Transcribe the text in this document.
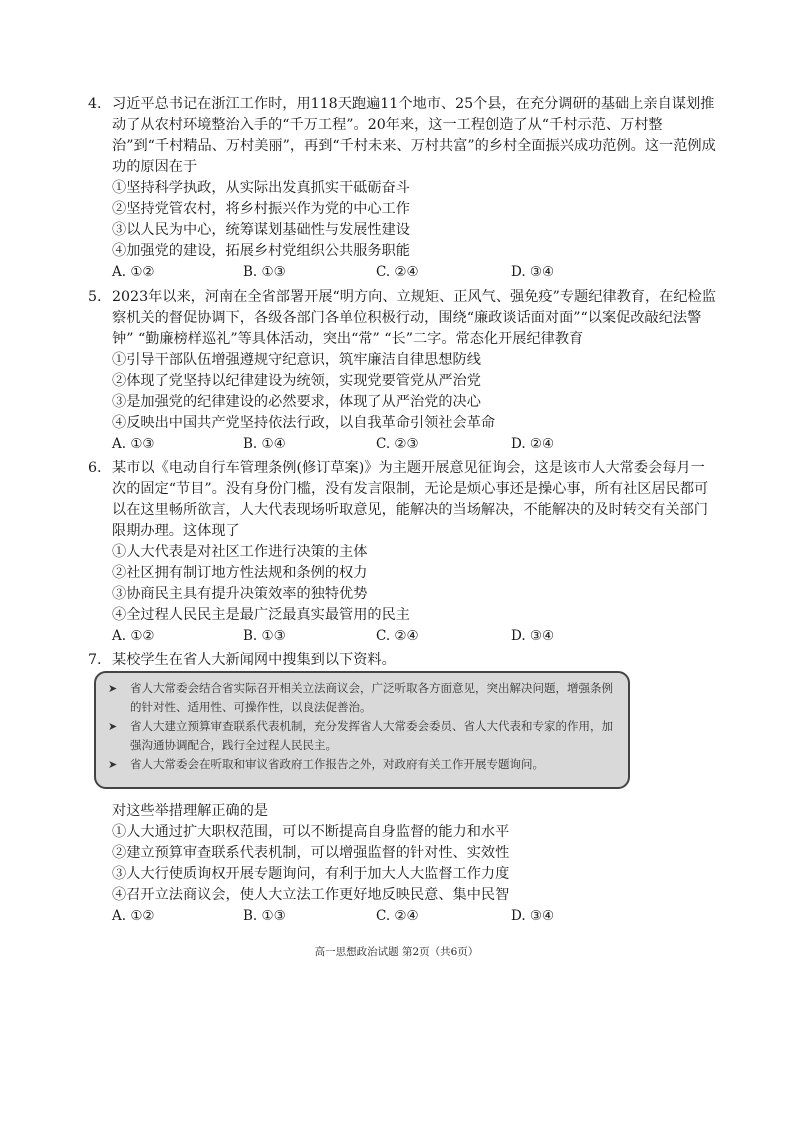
4. 习近平总书记在浙江工作时，用118天跑遍11个地市、25个县，在充分调研的基础上亲自谋划推动了从农村环境整治入手的“千万工程”。20年来，这一工程创造了从“千村示范、万村整治”到“千村精品、万村美丽”，再到“千村未来、万村共富”的乡村全面振兴成功范例。这一范例成功的原因在于
①坚持科学执政，从实际出发真抓实干砥砺奋斗
②坚持党管农村，将乡村振兴作为党的中心工作
③以人民为中心，统筹谋划基础性与发展性建设
④加强党的建设，拓展乡村党组织公共服务职能
A. ①②	B. ①③	C. ②④	D. ③④
5. 2023年以来，河南在全省部署开展“明方向、立规矩、正风气、强免疫”专题纪律教育，在纪检监察机关的督促协调下，各级各部门各单位积极行动，围绕“廉政谈话面对面”“以案促改敲纪法警钟” “勤廉榜样巡礼”等具体活动，突出“常” “长”二字。常态化开展纪律教育
①引导干部队伍增强遵规守纪意识，筑牢廉洁自律思想防线
②体现了党坚持以纪律建设为统领，实现党要管党从严治党
③是加强党的纪律建设的必然要求，体现了从严治党的决心
④反映出中国共产党坚持依法行政，以自我革命引领社会革命
A. ①③	B. ①④	C. ②③	D. ②④
6. 某市以《电动自行车管理条例(修订草案)》为主题开展意见征询会，这是该市人大常委会每月一次的固定“节目”。没有身份门槛，没有发言限制，无论是烦心事还是操心事，所有社区居民都可以在这里畅所欲言，人大代表现场听取意见，能解决的当场解决，不能解决的及时转交有关部门限期办理。这体现了
①人大代表是对社区工作进行决策的主体
②社区拥有制订地方性法规和条例的权力
③协商民主具有提升决策效率的独特优势
④全过程人民民主是最广泛最真实最管用的民主
A. ①②	B. ①③	C. ②④	D. ③④
7. 某校学生在省人大新闻网中搜集到以下资料。
➤ 省人大常委会结合省实际召开相关立法商议会，广泛听取各方面意见，突出解决问题，增强条例的针对性、适用性、可操作性，以良法促善治。
➤ 省人大建立预算审查联系代表机制，充分发挥省人大常委会委员、省人大代表和专家的作用，加强沟通协调配合，践行全过程人民民主。
➤ 省人大常委会在听取和审议省政府工作报告之外，对政府有关工作开展专题询问。
对这些举措理解正确的是
①人大通过扩大职权范围，可以不断提高自身监督的能力和水平
②建立预算审查联系代表机制，可以增强监督的针对性、实效性
③人大行使质询权开展专题询问，有利于加大人大监督工作力度
④召开立法商议会，使人大立法工作更好地反映民意、集中民智
A. ①②	B. ①③	C. ②④	D. ③④
高一思想政治试题 第2页（共6页）
